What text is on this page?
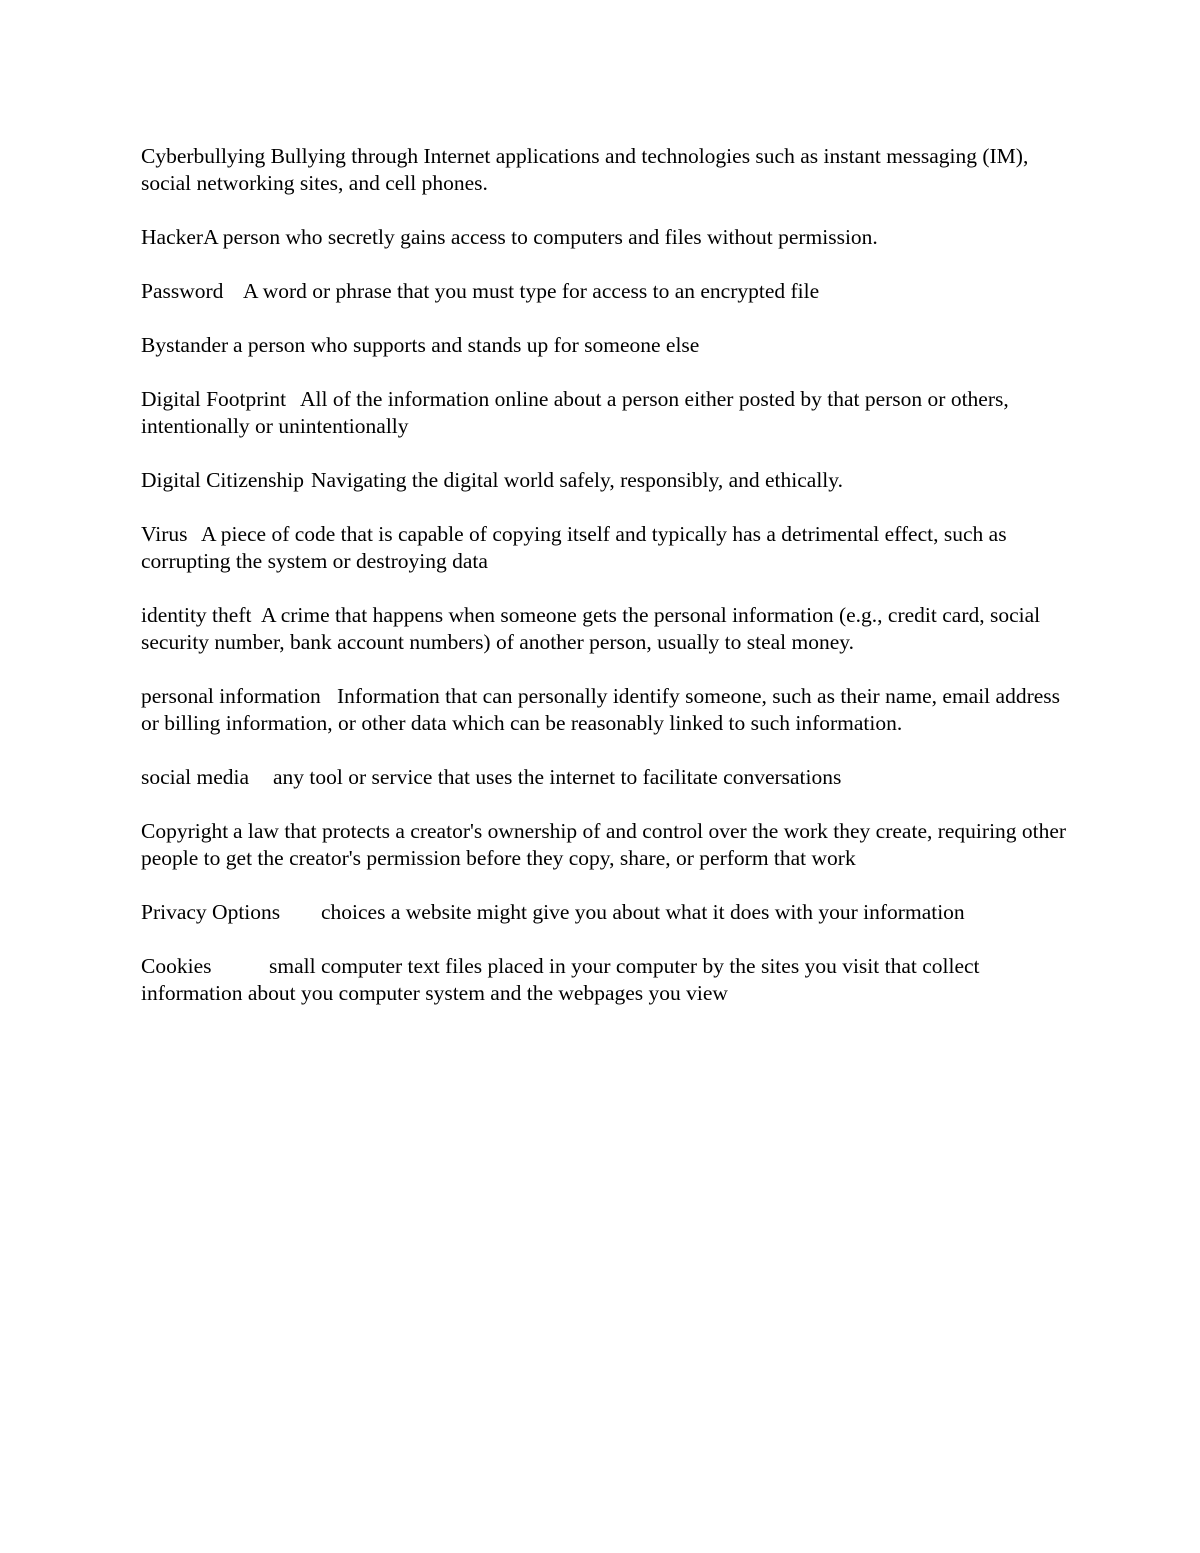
Cyberbullying Bullying through Internet applications and technologies such as instant messaging (IM), social networking sites, and cell phones.
HackerA person who secretly gains access to computers and files without permission.
Password	A word or phrase that you must type for access to an encrypted file
Bystander	a person who supports and stands up for someone else
Digital Footprint	All of the information online about a person either posted by that person or others, intentionally or unintentionally
Digital Citizenship	Navigating the digital world safely, responsibly, and ethically.
Virus	A piece of code that is capable of copying itself and typically has a detrimental effect, such as corrupting the system or destroying data
identity theft	A crime that happens when someone gets the personal information (e.g., credit card, social security number, bank account numbers) of another person, usually to steal money.
personal information	Information that can personally identify someone, such as their name, email address or billing information, or other data which can be reasonably linked to such information.
social media	any tool or service that uses the internet to facilitate conversations
Copyright	a law that protects a creator's ownership of and control over the work they create, requiring other people to get the creator's permission before they copy, share, or perform that work
Privacy Options	choices a website might give you about what it does with your information
Cookies		small computer text files placed in your computer by the sites you visit that collect
information about you computer system and the webpages you view
